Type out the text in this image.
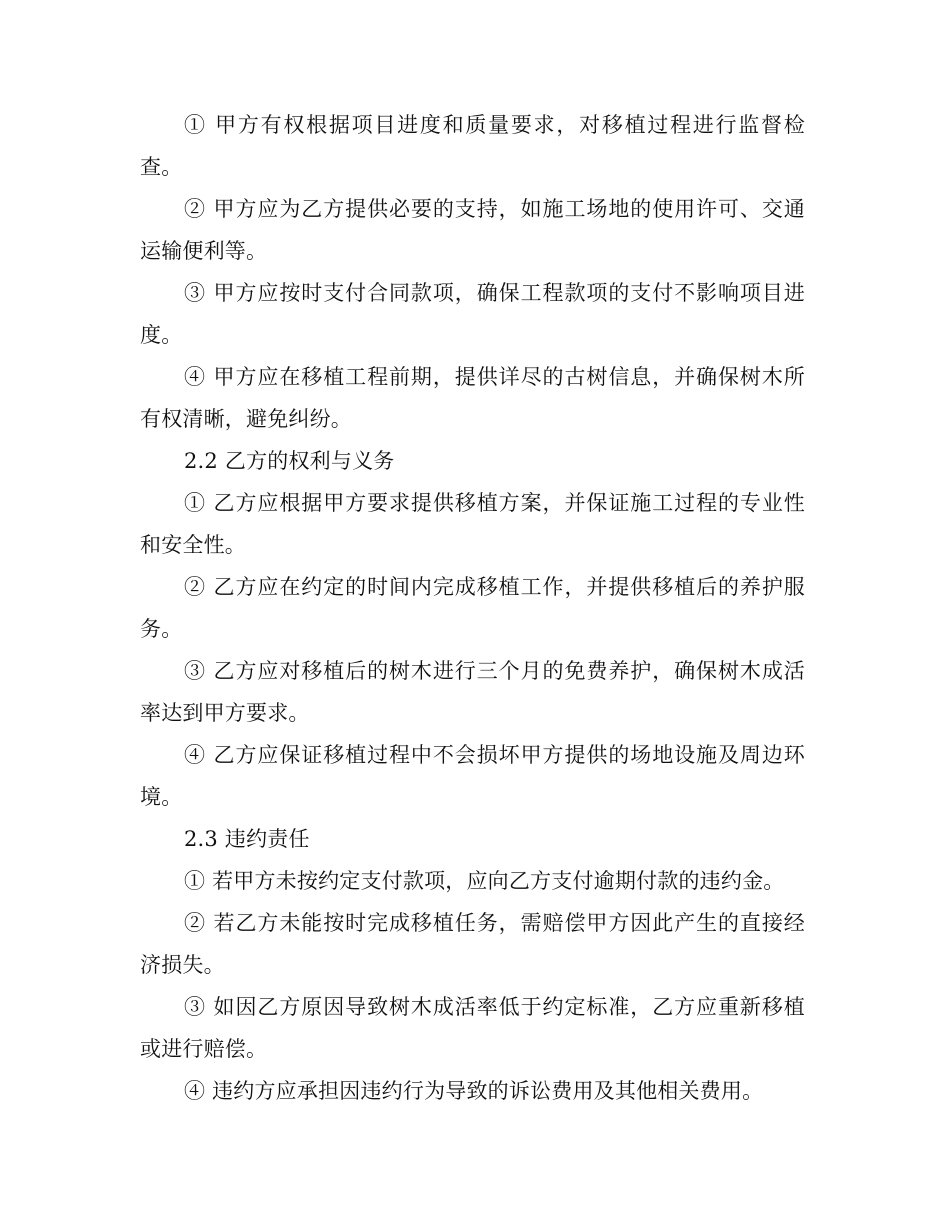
① 甲方有权根据项目进度和质量要求，对移植过程进行监督检查。

② 甲方应为乙方提供必要的支持，如施工场地的使用许可、交通运输便利等。

③ 甲方应按时支付合同款项，确保工程款项的支付不影响项目进度。

④ 甲方应在移植工程前期，提供详尽的古树信息，并确保树木所有权清晰，避免纠纷。

2.2 乙方的权利与义务

① 乙方应根据甲方要求提供移植方案，并保证施工过程的专业性和安全性。

② 乙方应在约定的时间内完成移植工作，并提供移植后的养护服务。

③ 乙方应对移植后的树木进行三个月的免费养护，确保树木成活率达到甲方要求。

④ 乙方应保证移植过程中不会损坏甲方提供的场地设施及周边环境。

2.3 违约责任

① 若甲方未按约定支付款项，应向乙方支付逾期付款的违约金。

② 若乙方未能按时完成移植任务，需赔偿甲方因此产生的直接经济损失。

③ 如因乙方原因导致树木成活率低于约定标准，乙方应重新移植或进行赔偿。

④ 违约方应承担因违约行为导致的诉讼费用及其他相关费用。
